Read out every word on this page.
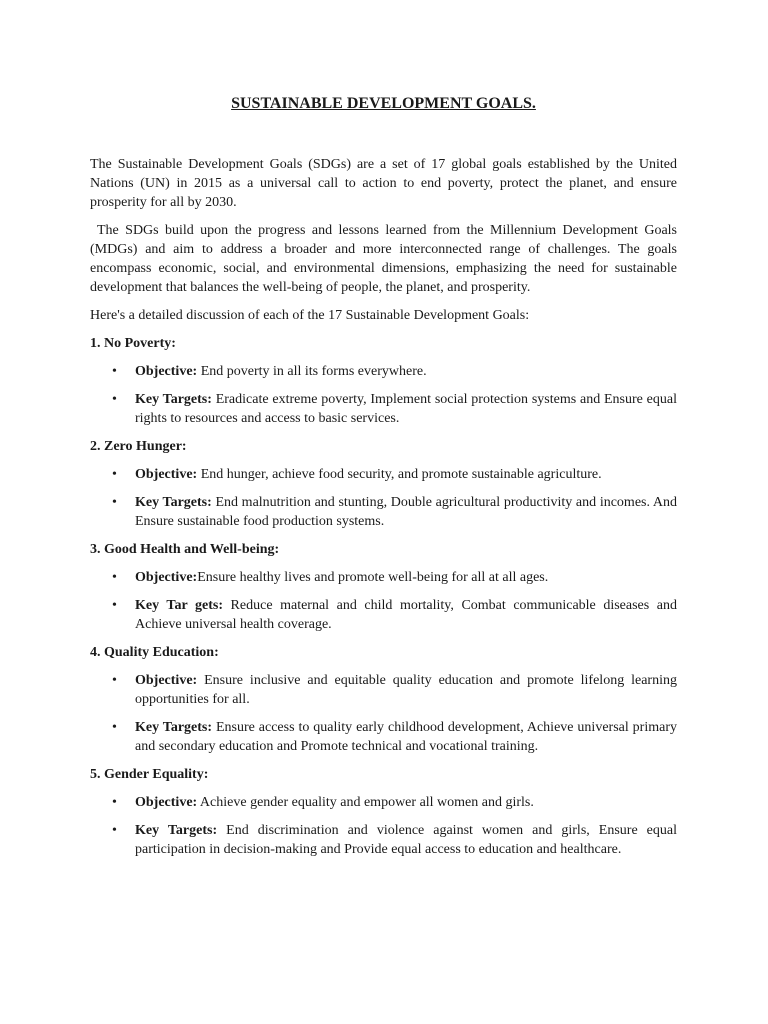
SUSTAINABLE DEVELOPMENT GOALS.

The Sustainable Development Goals (SDGs) are a set of 17 global goals established by the United Nations (UN) in 2015 as a universal call to action to end poverty, protect the planet, and ensure prosperity for all by 2030.

The SDGs build upon the progress and lessons learned from the Millennium Development Goals (MDGs) and aim to address a broader and more interconnected range of challenges. The goals encompass economic, social, and environmental dimensions, emphasizing the need for sustainable development that balances the well-being of people, the planet, and prosperity.

Here's a detailed discussion of each of the 17 Sustainable Development Goals:

1. No Poverty:

• Objective: End poverty in all its forms everywhere.
• Key Targets: Eradicate extreme poverty, Implement social protection systems and Ensure equal rights to resources and access to basic services.

2. Zero Hunger:

• Objective: End hunger, achieve food security, and promote sustainable agriculture.
• Key Targets: End malnutrition and stunting, Double agricultural productivity and incomes. And Ensure sustainable food production systems.

3. Good Health and Well-being:

• Objective:Ensure healthy lives and promote well-being for all at all ages.
• Key Tar gets: Reduce maternal and child mortality, Combat communicable diseases and Achieve universal health coverage.

4. Quality Education:

• Objective: Ensure inclusive and equitable quality education and promote lifelong learning opportunities for all.
• Key Targets: Ensure access to quality early childhood development, Achieve universal primary and secondary education and Promote technical and vocational training.

5. Gender Equality:

• Objective: Achieve gender equality and empower all women and girls.
• Key Targets: End discrimination and violence against women and girls, Ensure equal participation in decision-making and Provide equal access to education and healthcare.
